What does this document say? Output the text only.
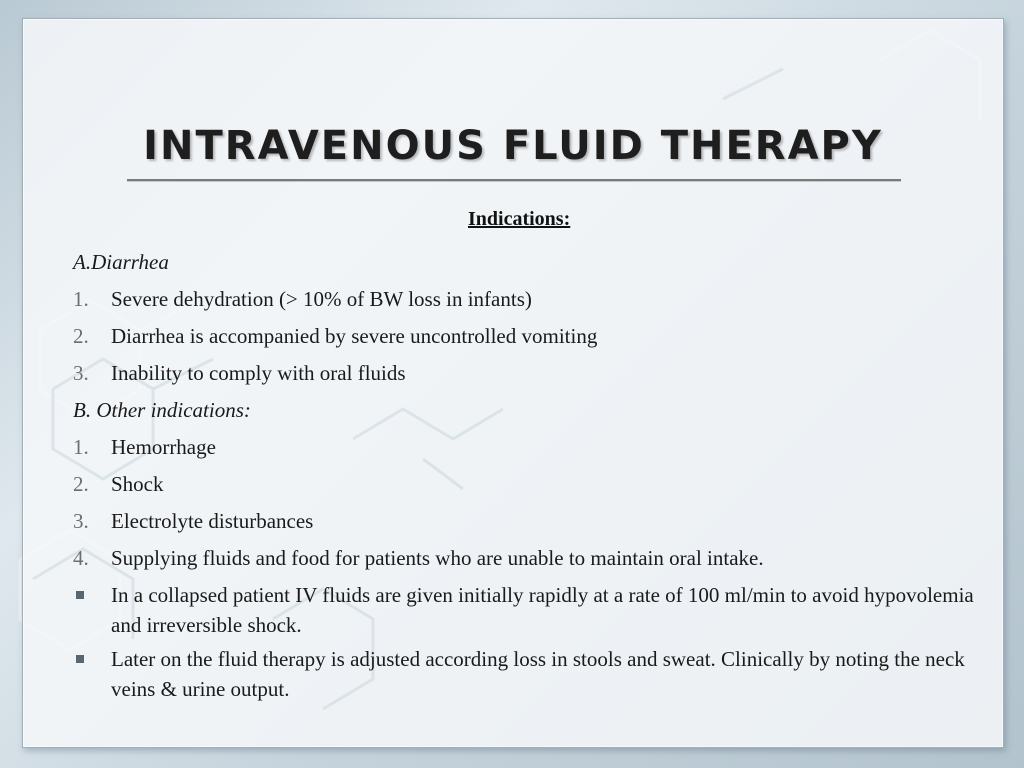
INTRAVENOUS FLUID THERAPY
Indications:

A.Diarrhea

1. Severe dehydration (> 10% of BW loss in infants)

2. Diarrhea is accompanied by severe uncontrolled vomiting

3. Inability to comply with oral fluids

B. Other indications:

1. Hemorrhage

2. Shock

3. Electrolyte disturbances

4. Supplying fluids and food for patients who are unable to maintain oral intake.

In a collapsed patient IV fluids are given initially rapidly at a rate of 100 ml/min to avoid hypovolemia and irreversible shock.

Later on the fluid therapy is adjusted according loss in stools and sweat. Clinically by noting the neck veins & urine output.
